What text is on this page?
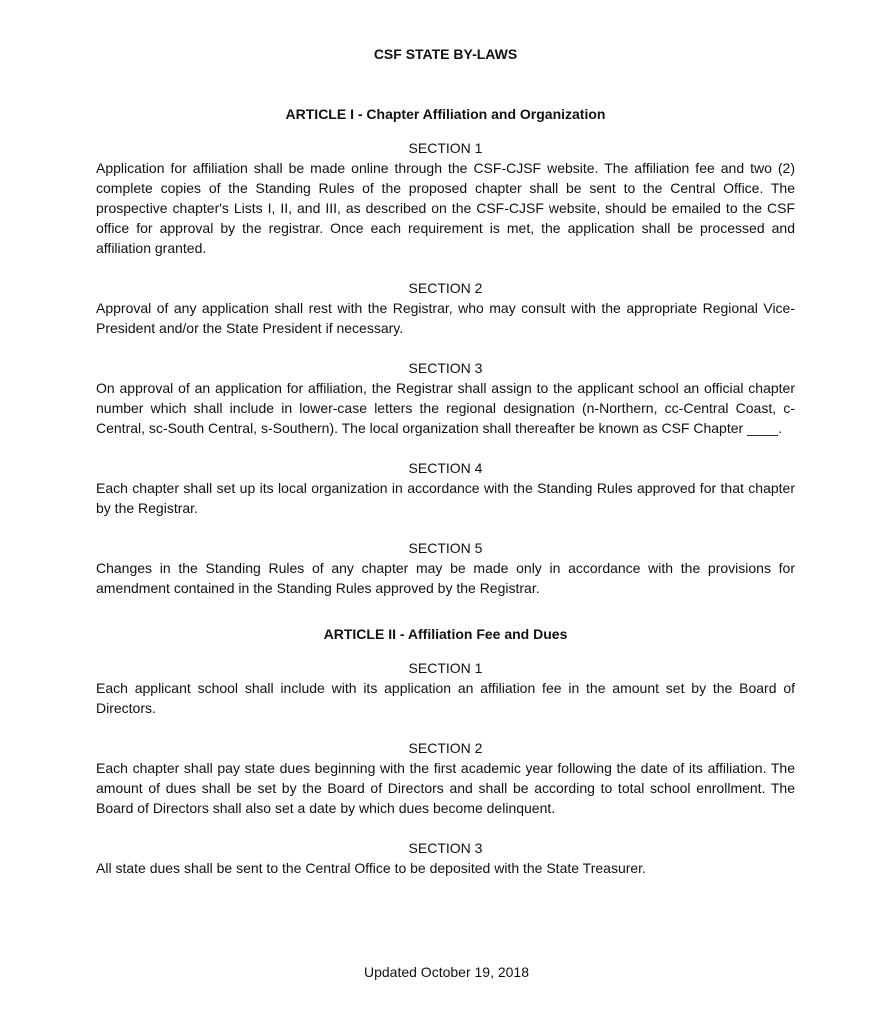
CSF STATE BY-LAWS
ARTICLE I - Chapter Affiliation and Organization
SECTION 1
Application for affiliation shall be made online through the CSF-CJSF website. The affiliation fee and two (2) complete copies of the Standing Rules of the proposed chapter shall be sent to the Central Office. The prospective chapter's Lists I, II, and III, as described on the CSF-CJSF website, should be emailed to the CSF office for approval by the registrar. Once each requirement is met, the application shall be processed and affiliation granted.
SECTION 2
Approval of any application shall rest with the Registrar, who may consult with the appropriate Regional Vice-President and/or the State President if necessary.
SECTION 3
On approval of an application for affiliation, the Registrar shall assign to the applicant school an official chapter number which shall include in lower-case letters the regional designation (n-Northern, cc-Central Coast, c-Central, sc-South Central, s-Southern). The local organization shall thereafter be known as CSF Chapter ____.
SECTION 4
Each chapter shall set up its local organization in accordance with the Standing Rules approved for that chapter by the Registrar.
SECTION 5
Changes in the Standing Rules of any chapter may be made only in accordance with the provisions for amendment contained in the Standing Rules approved by the Registrar.
ARTICLE II - Affiliation Fee and Dues
SECTION 1
Each applicant school shall include with its application an affiliation fee in the amount set by the Board of Directors.
SECTION 2
Each chapter shall pay state dues beginning with the first academic year following the date of its affiliation. The amount of dues shall be set by the Board of Directors and shall be according to total school enrollment. The Board of Directors shall also set a date by which dues become delinquent.
SECTION 3
All state dues shall be sent to the Central Office to be deposited with the State Treasurer.
Updated October 19, 2018
